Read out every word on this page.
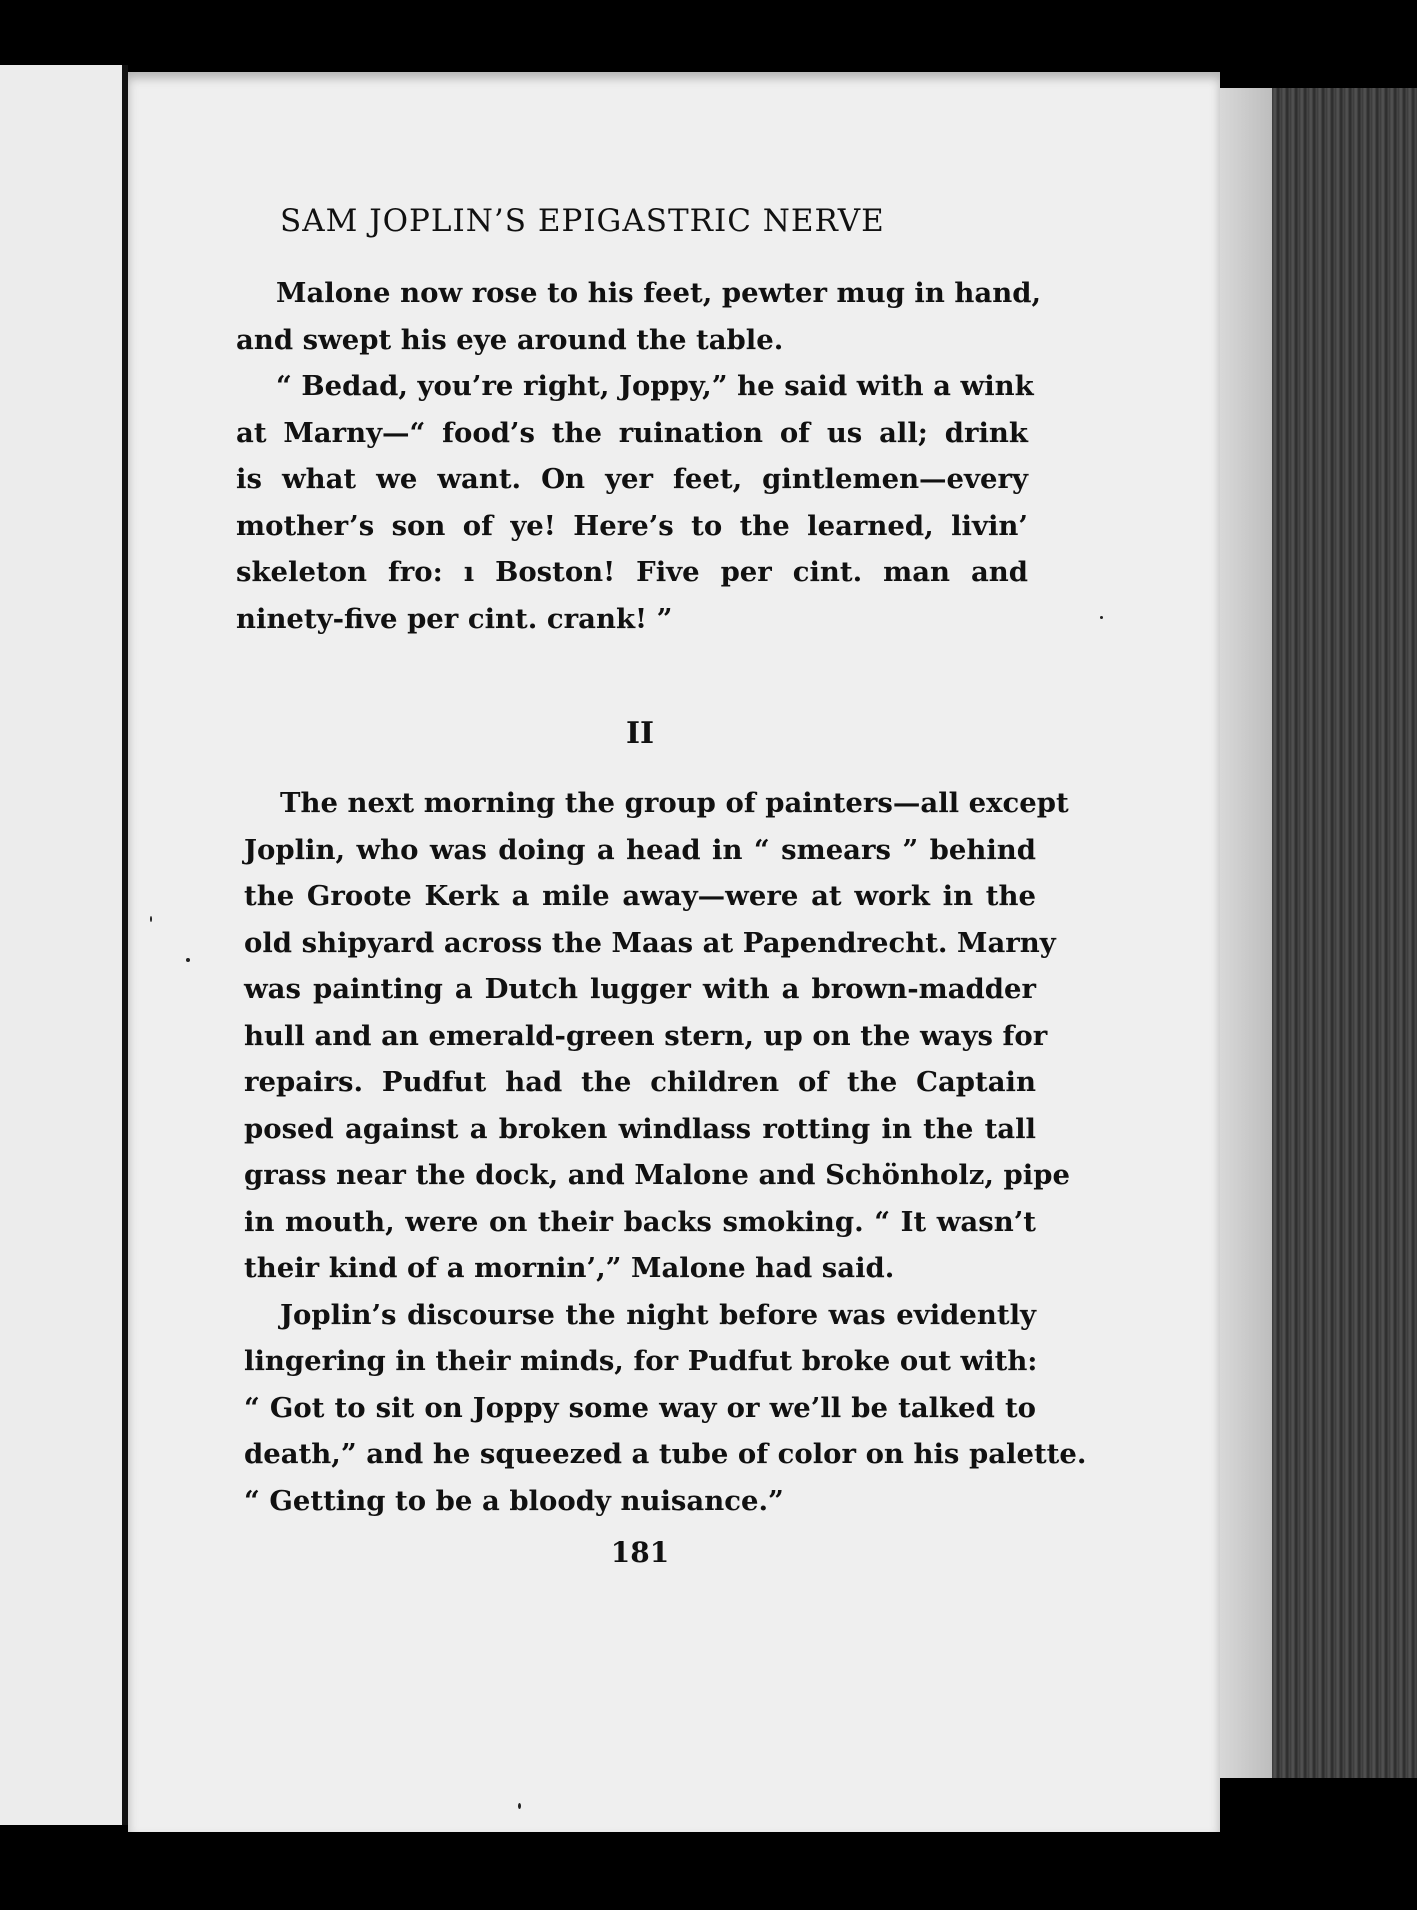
SAM JOPLIN’S EPIGASTRIC NERVE
Malone now rose to his feet, pewter mug in hand,
and swept his eye around the table.
“ Bedad, you’re right, Joppy,” he said with a wink
at Marny—“ food’s the ruination of us all; drink
is what we want. On yer feet, gintlemen—every
mother’s son of ye! Here’s to the learned, livin’
skeleton fro: ı Boston! Five per cint. man and
ninety-five per cint. crank! ”
II
The next morning the group of painters—all except
Joplin, who was doing a head in “ smears ” behind
the Groote Kerk a mile away—were at work in the
old shipyard across the Maas at Papendrecht. Marny
was painting a Dutch lugger with a brown-madder
hull and an emerald-green stern, up on the ways for
repairs. Pudfut had the children of the Captain
posed against a broken windlass rotting in the tall
grass near the dock, and Malone and Schönholz, pipe
in mouth, were on their backs smoking. “ It wasn’t
their kind of a mornin’,” Malone had said.
Joplin’s discourse the night before was evidently
lingering in their minds, for Pudfut broke out with:
“ Got to sit on Joppy some way or we’ll be talked to
death,” and he squeezed a tube of color on his palette.
“ Getting to be a bloody nuisance.”
181
